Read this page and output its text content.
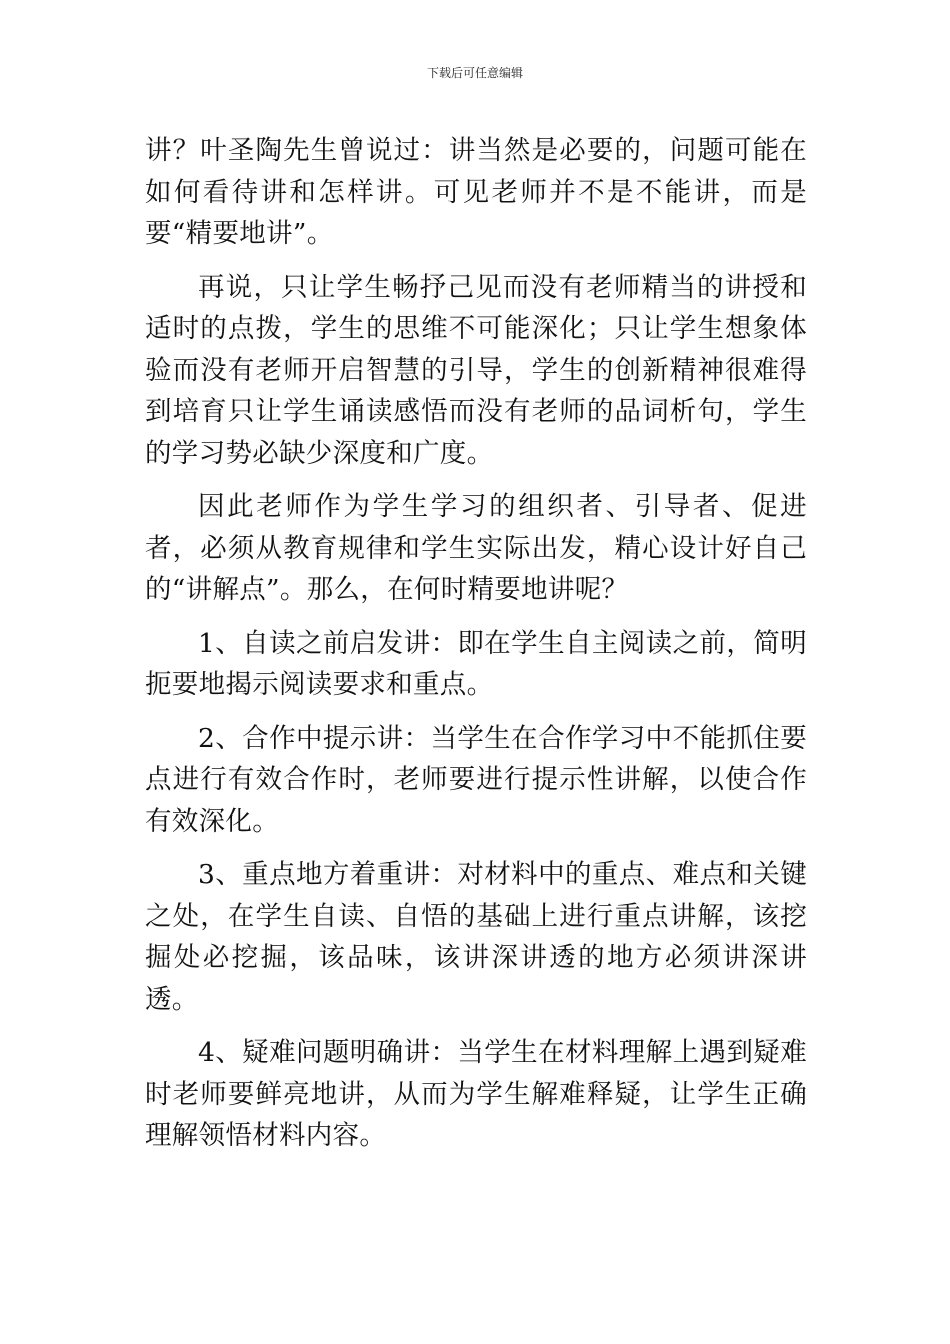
下载后可任意编辑

讲？叶圣陶先生曾说过：讲当然是必要的，问题可能在如何看待讲和怎样讲。可见老师并不是不能讲，而是要“精要地讲”。

再说，只让学生畅抒己见而没有老师精当的讲授和适时的点拨，学生的思维不可能深化；只让学生想象体验而没有老师开启智慧的引导，学生的创新精神很难得到培育只让学生诵读感悟而没有老师的品词析句，学生的学习势必缺少深度和广度。

因此老师作为学生学习的组织者、引导者、促进者，必须从教育规律和学生实际出发，精心设计好自己的“讲解点”。那么，在何时精要地讲呢？

1、自读之前启发讲：即在学生自主阅读之前，简明扼要地揭示阅读要求和重点。

2、合作中提示讲：当学生在合作学习中不能抓住要点进行有效合作时，老师要进行提示性讲解，以使合作有效深化。

3、重点地方着重讲：对材料中的重点、难点和关键之处，在学生自读、自悟的基础上进行重点讲解，该挖掘处必挖掘，该品味，该讲深讲透的地方必须讲深讲透。

4、疑难问题明确讲：当学生在材料理解上遇到疑难时老师要鲜亮地讲，从而为学生解难释疑，让学生正确理解领悟材料内容。
